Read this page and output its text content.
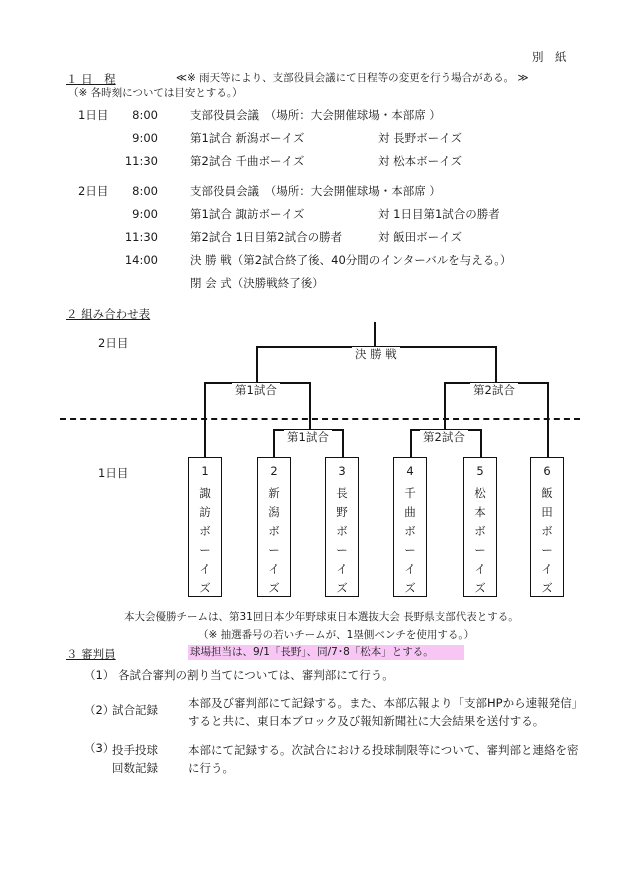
別　紙
１ 日　程	≪※ 雨天等により、支部役員会議にて日程等の変更を行う場合がある。 ≫
（※ 各時刻については目安とする。）
1日目	8:00	支部役員会議　（場所：大会開催球場・本部席 ）
9:00	第1試合 新潟ボーイズ	対 長野ボーイズ
11:30	第2試合 千曲ボーイズ	対 松本ボーイズ
2日目	8:00	支部役員会議　（場所：大会開催球場・本部席 ）
9:00	第1試合 諏訪ボーイズ	対 1日目第1試合の勝者
11:30	第2試合 1日目第2試合の勝者	対 飯田ボーイズ
14:00	決 勝 戦（第2試合終了後、40分間のインターバルを与える。）
閉 会 式（決勝戦終了後）
２ 組み合わせ表
2日目
1日目
決 勝 戦
第1試合	第2試合
第1試合	第2試合
1
諏
訪
ボ
ー
イ
ズ
2
新
潟
ボ
ー
イ
ズ
3
長
野
ボ
ー
イ
ズ
4
千
曲
ボ
ー
イ
ズ
5
松
本
ボ
ー
イ
ズ
6
飯
田
ボ
ー
イ
ズ
本大会優勝チームは、第31回日本少年野球東日本選抜大会 長野県支部代表とする。
（※ 抽選番号の若いチームが、1塁側ベンチを使用する。）
３ 審判員	球場担当は、9/1「長野」、同/7･8「松本」とする。
（1） 各試合審判の割り当てについては、審判部にて行う。
（2）
試合記録	本部及び審判部にて記録する。また、本部広報より「支部HPから速報発信」すると共に、東日本ブロック及び報知新聞社に大会結果を送付する。
（3）
投手投球回数記録
本部にて記録する。次試合における投球制限等について、審判部と連絡を密に行う。
